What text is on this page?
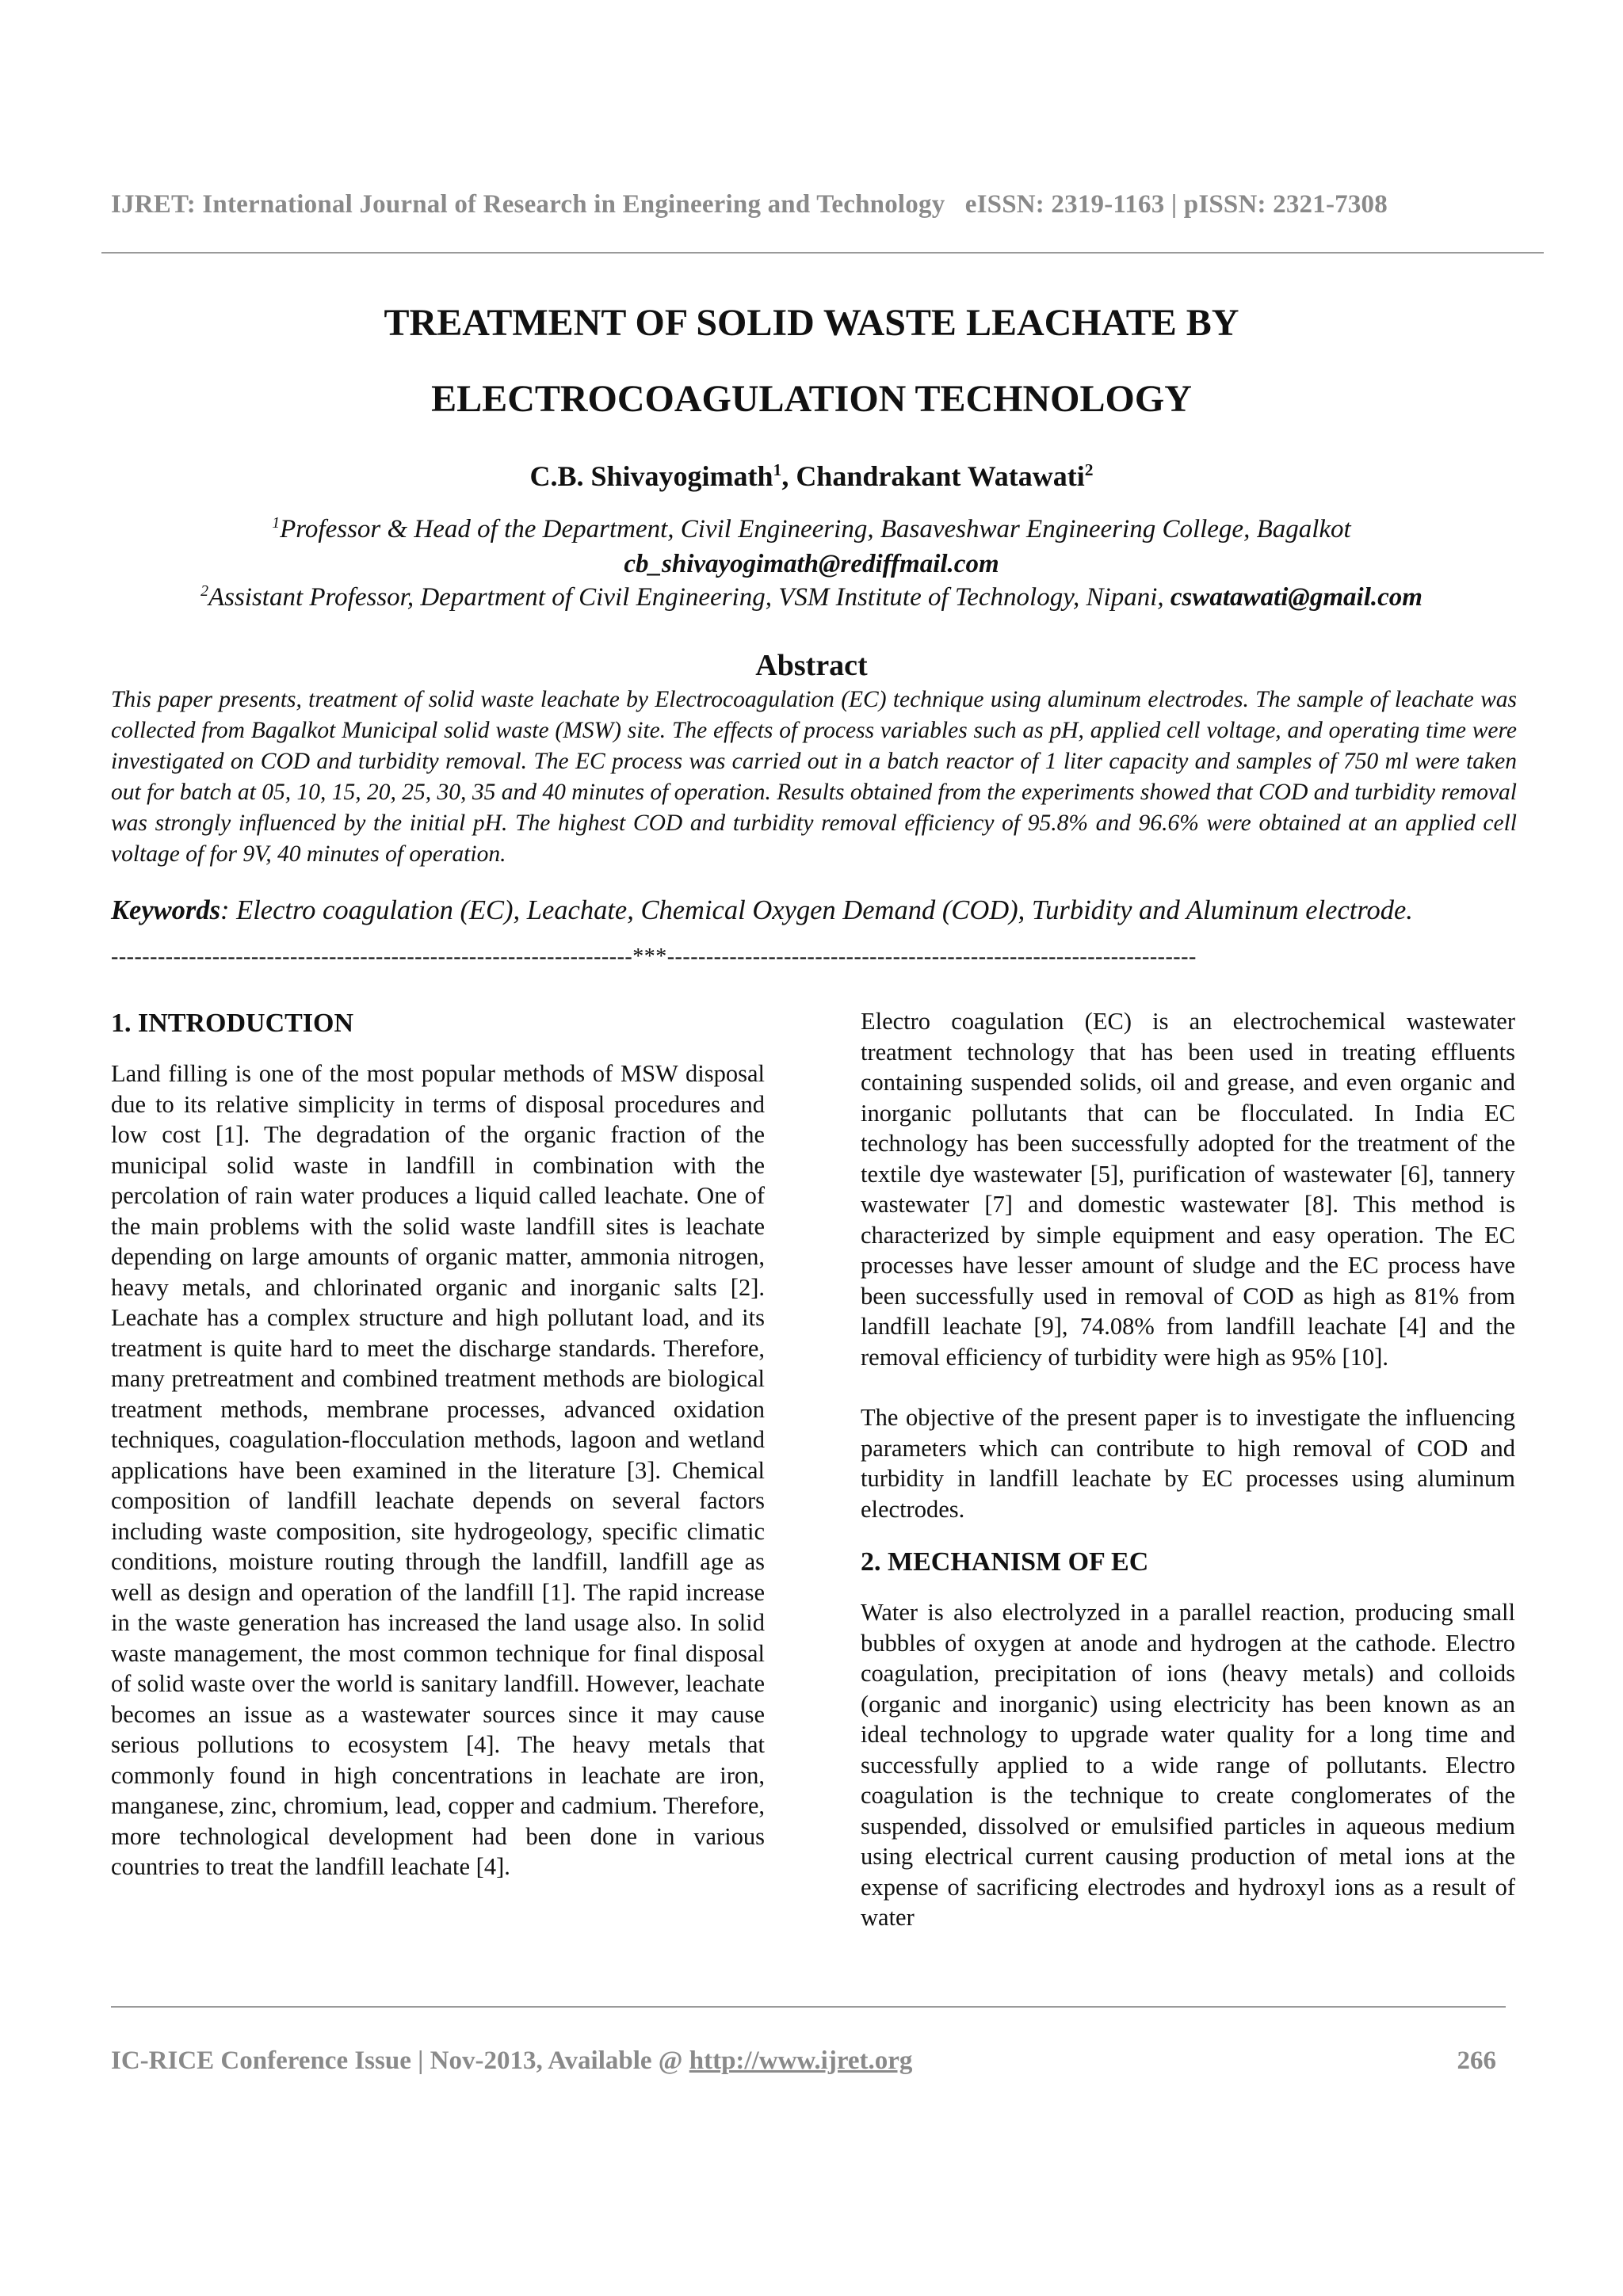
IJRET: International Journal of Research in Engineering and Technology eISSN: 2319-1163 | pISSN: 2321-7308
TREATMENT OF SOLID WASTE LEACHATE BY
ELECTROCOAGULATION TECHNOLOGY
C.B. Shivayogimath$^1$, Chandrakant Watawati$^2$
$^1$Professor & Head of the Department, Civil Engineering, Basaveshwar Engineering College, Bagalkot
cb_shivayogimath@rediffmail.com
$^2$Assistant Professor, Department of Civil Engineering, VSM Institute of Technology, Nipani, cswatawati@gmail.com
Abstract
This paper presents, treatment of solid waste leachate by Electrocoagulation (EC) technique using aluminum electrodes. The sample of leachate was collected from Bagalkot Municipal solid waste (MSW) site. The effects of process variables such as pH, applied cell voltage, and operating time were investigated on COD and turbidity removal. The EC process was carried out in a batch reactor of 1 liter capacity and samples of 750 ml were taken out for batch at 05, 10, 15, 20, 25, 30, 35 and 40 minutes of operation. Results obtained from the experiments showed that COD and turbidity removal was strongly influenced by the initial pH. The highest COD and turbidity removal efficiency of 95.8% and 96.6% were obtained at an applied cell voltage of for 9V, 40 minutes of operation.
Keywords: Electro coagulation (EC), Leachate, Chemical Oxygen Demand (COD), Turbidity and Aluminum electrode.
-------------------------------------------------------------------***--------------------------------------------------------------------
1. INTRODUCTION

Land filling is one of the most popular methods of MSW disposal due to its relative simplicity in terms of disposal procedures and low cost [1]. The degradation of the organic fraction of the municipal solid waste in landfill in combination with the percolation of rain water produces a liquid called leachate. One of the main problems with the solid waste landfill sites is leachate depending on large amounts of organic matter, ammonia nitrogen, heavy metals, and chlorinated organic and inorganic salts [2]. Leachate has a complex structure and high pollutant load, and its treatment is quite hard to meet the discharge standards. Therefore, many pretreatment and combined treatment methods are biological treatment methods, membrane processes, advanced oxidation techniques, coagulation-flocculation methods, lagoon and wetland applications have been examined in the literature [3]. Chemical composition of landfill leachate depends on several factors including waste composition, site hydrogeology, specific climatic conditions, moisture routing through the landfill, landfill age as well as design and operation of the landfill [1]. The rapid increase in the waste generation has increased the land usage also. In solid waste management, the most common technique for final disposal of solid waste over the world is sanitary landfill. However, leachate becomes an issue as a wastewater sources since it may cause serious pollutions to ecosystem [4]. The heavy metals that commonly found in high concentrations in leachate are iron, manganese, zinc, chromium, lead, copper and cadmium. Therefore, more technological development had been done in various countries to treat the landfill leachate [4].

Electro coagulation (EC) is an electrochemical wastewater treatment technology that has been used in treating effluents containing suspended solids, oil and grease, and even organic and inorganic pollutants that can be flocculated. In India EC technology has been successfully adopted for the treatment of the textile dye wastewater [5], purification of wastewater [6], tannery wastewater [7] and domestic wastewater [8]. This method is characterized by simple equipment and easy operation. The EC processes have lesser amount of sludge and the EC process have been successfully used in removal of COD as high as 81% from landfill leachate [9], 74.08% from landfill leachate [4] and the removal efficiency of turbidity were high as 95% [10].

The objective of the present paper is to investigate the influencing parameters which can contribute to high removal of COD and turbidity in landfill leachate by EC processes using aluminum electrodes.

2. MECHANISM OF EC

Water is also electrolyzed in a parallel reaction, producing small bubbles of oxygen at anode and hydrogen at the cathode. Electro coagulation, precipitation of ions (heavy metals) and colloids (organic and inorganic) using electricity has been known as an ideal technology to upgrade water quality for a long time and successfully applied to a wide range of pollutants. Electro coagulation is the technique to create conglomerates of the suspended, dissolved or emulsified particles in aqueous medium using electrical current causing production of metal ions at the expense of sacrificing electrodes and hydroxyl ions as a result of water

IC-RICE Conference Issue | Nov-2013, Available @ http://www.ijret.org	266
